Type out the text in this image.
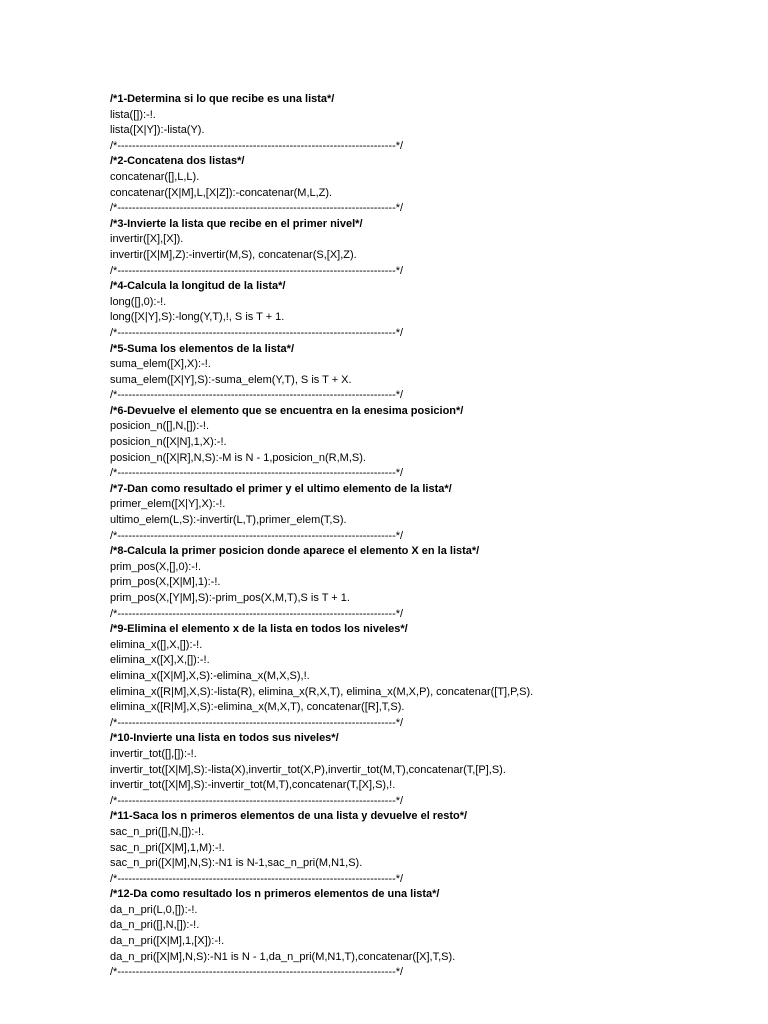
/*1-Determina si lo que recibe es una lista*/
lista([]):-!.
lista([X|Y]):-lista(Y).
/*----------------------------------------------------------------------------*/
/*2-Concatena dos listas*/
concatenar([],L,L).
concatenar([X|M],L,[X|Z]):-concatenar(M,L,Z).
/*----------------------------------------------------------------------------*/
/*3-Invierte la lista que recibe en el primer nivel*/
invertir([X],[X]).
invertir([X|M],Z):-invertir(M,S), concatenar(S,[X],Z).
/*----------------------------------------------------------------------------*/
/*4-Calcula la longitud de la lista*/
long([],0):-!.
long([X|Y],S):-long(Y,T),!, S is T + 1.
/*----------------------------------------------------------------------------*/
/*5-Suma los elementos de la lista*/
suma_elem([X],X):-!.
suma_elem([X|Y],S):-suma_elem(Y,T), S is T + X.
/*----------------------------------------------------------------------------*/
/*6-Devuelve el elemento que se encuentra en la enesima posicion*/
posicion_n([],N,[]):-!.
posicion_n([X|N],1,X):-!.
posicion_n([X|R],N,S):-M is N - 1,posicion_n(R,M,S).
/*----------------------------------------------------------------------------*/
/*7-Dan como resultado el primer y el ultimo elemento de la lista*/
primer_elem([X|Y],X):-!.
ultimo_elem(L,S):-invertir(L,T),primer_elem(T,S).
/*----------------------------------------------------------------------------*/
/*8-Calcula la primer posicion donde aparece el elemento X en la lista*/
prim_pos(X,[],0):-!.
prim_pos(X,[X|M],1):-!.
prim_pos(X,[Y|M],S):-prim_pos(X,M,T),S is T + 1.
/*----------------------------------------------------------------------------*/
/*9-Elimina el elemento x de la lista en todos los niveles*/
elimina_x([],X,[]):-!.
elimina_x([X],X,[]):-!.
elimina_x([X|M],X,S):-elimina_x(M,X,S),!.
elimina_x([R|M],X,S):-lista(R), elimina_x(R,X,T), elimina_x(M,X,P), concatenar([T],P,S).
elimina_x([R|M],X,S):-elimina_x(M,X,T), concatenar([R],T,S).
/*----------------------------------------------------------------------------*/
/*10-Invierte una lista en todos sus niveles*/
invertir_tot([],[]):-!.
invertir_tot([X|M],S):-lista(X),invertir_tot(X,P),invertir_tot(M,T),concatenar(T,[P],S).
invertir_tot([X|M],S):-invertir_tot(M,T),concatenar(T,[X],S),!.
/*----------------------------------------------------------------------------*/
/*11-Saca los n primeros elementos de una lista y devuelve el resto*/
sac_n_pri([],N,[]):-!.
sac_n_pri([X|M],1,M):-!.
sac_n_pri([X|M],N,S):-N1 is N-1,sac_n_pri(M,N1,S).
/*----------------------------------------------------------------------------*/
/*12-Da como resultado los n primeros elementos de una lista*/
da_n_pri(L,0,[]):-!.
da_n_pri([],N,[]):-!.
da_n_pri([X|M],1,[X]):-!.
da_n_pri([X|M],N,S):-N1 is N - 1,da_n_pri(M,N1,T),concatenar([X],T,S).
/*----------------------------------------------------------------------------*/
